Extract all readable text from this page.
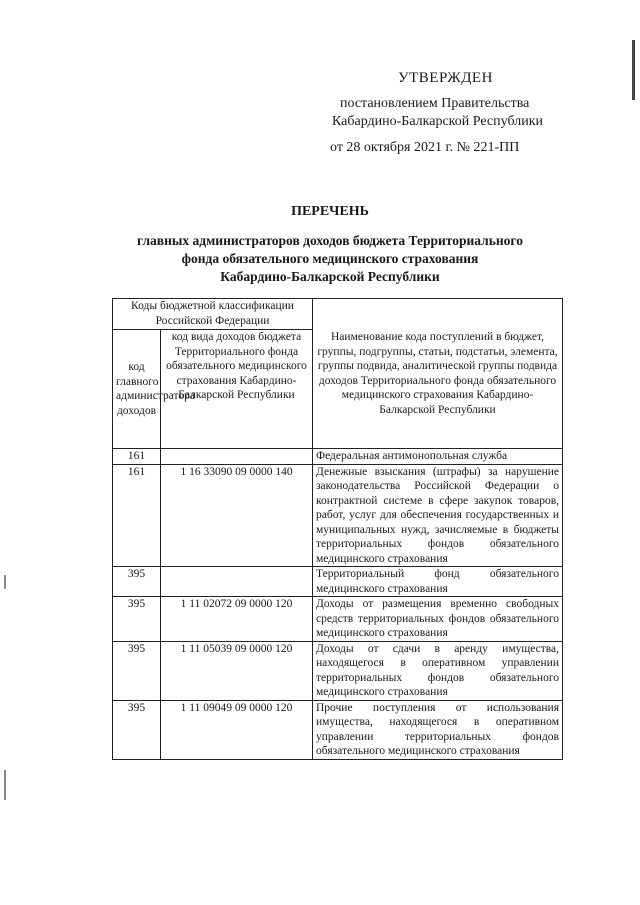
УТВЕРЖДЕН
постановлением Правительства
Кабардино-Балкарской Республики
от 28 октября 2021 г. № 221-ПП
ПЕРЕЧЕНЬ
главных администраторов доходов бюджета Территориального
фонда обязательного медицинского страхования
Кабардино-Балкарской Республики
Коды бюджетной классификации Российской Федерации		Наименование кода поступлений в бюджет, группы, подгруппы, статьи, подстатьи, элемента, группы подвида, аналитической группы подвида доходов Территориального фонда обязательного медицинского страхования Кабардино-Балкарской Республики
код главного администратора доходов	код вида доходов бюджета Территориального фонда обязательного медицинского страхования Кабардино-Балкарской Республики	
161		Федеральная антимонопольная служба
161	1 16 33090 09 0000 140	Денежные взыскания (штрафы) за нарушение законодательства Российской Федерации о контрактной системе в сфере закупок товаров, работ, услуг для обеспечения государственных и муниципальных нужд, зачисляемые в бюджеты территориальных фондов обязательного медицинского страхования
395		Территориальный фонд обязательного медицинского страхования
395	1 11 02072 09 0000 120	Доходы от размещения временно свободных средств территориальных фондов обязательного медицинского страхования
395	1 11 05039 09 0000 120	Доходы от сдачи в аренду имущества, находящегося в оперативном управлении территориальных фондов обязательного медицинского страхования
395	1 11 09049 09 0000 120	Прочие поступления от использования имущества, находящегося в оперативном управлении территориальных фондов обязательного медицинского страхования
